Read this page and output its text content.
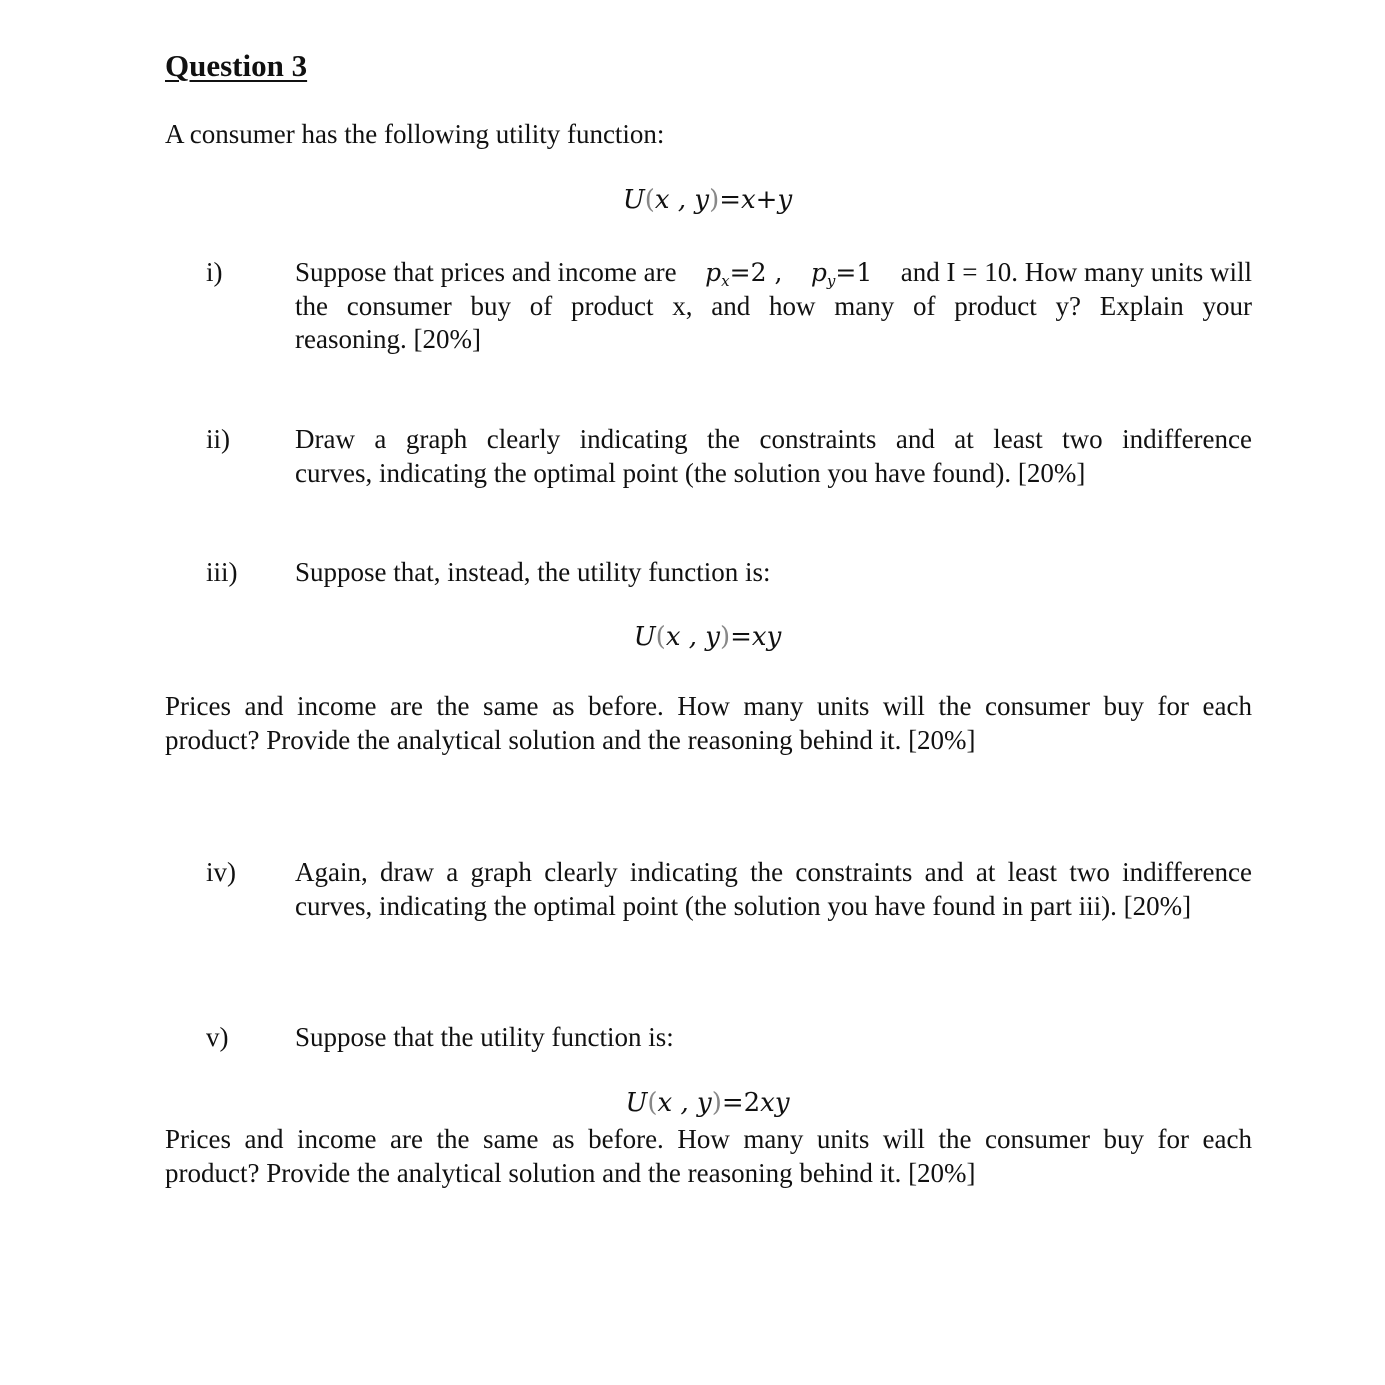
Question 3
A consumer has the following utility function:
U(x , y)=x+y
i)	Suppose that prices and income are $p_x=2$ , $p_y=1$ and I = 10. How many units will
the consumer buy of product x, and how many of product y? Explain your
reasoning. [20%]
ii) Draw a graph clearly indicating the constraints and at least two indifference
curves, indicating the optimal point (the solution you have found). [20%]
iii) Suppose that, instead, the utility function is:
U(x , y)=xy
Prices and income are the same as before. How many units will the consumer buy for each
product? Provide the analytical solution and the reasoning behind it. [20%]
iv) Again, draw a graph clearly indicating the constraints and at least two indifference
curves, indicating the optimal point (the solution you have found in part iii). [20%]
v) Suppose that the utility function is:
U(x , y)=2xy
Prices and income are the same as before. How many units will the consumer buy for each
product? Provide the analytical solution and the reasoning behind it. [20%]
